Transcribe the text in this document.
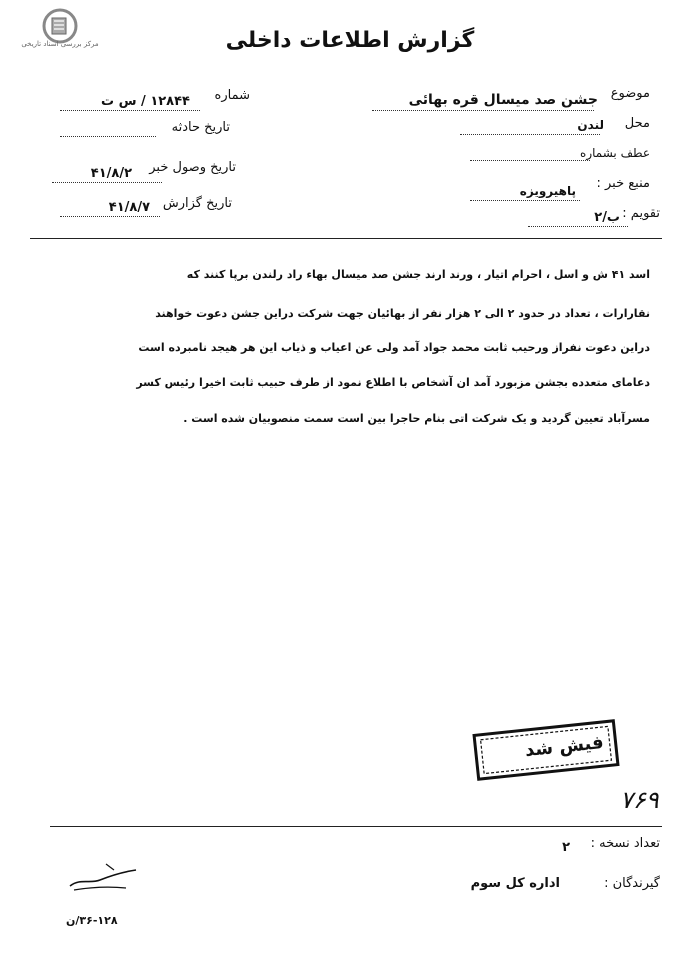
مرکز بررسی اسناد تاریخی	گزارش اطلاعات داخلی
موضوع
جشن صد میسال قره بهائی
محل
لندن
عطف بشماره
منبع خبر :
پاهیرویزه
تقویم :
ب/۲
شماره
۱۲۸۴۴ / س ت
تاریخ حادثه
تاریخ وصول خبر
۴۱/۸/۲
تاریخ گزارش
۴۱/۸/۷
اسد ۴۱ ش و اسل ، احرام اتیار ، ورند ارند جشن صد میسال بهاء راد رلندن برپا کنند که
نقارارات ، تعداد در حدود ۲ الی ۲ هزار نفر از بهائیان جهت شرکت دراین جشن دعوت خواهند
دراین دعوت نفراز ورحیب ثابت محمد جواد آمد ولی عن اعیاب و ذیاب این هر هیجد نامبرده است
دعامای متعدده بجشن مزبورد آمد ان آشخاص با اطلاع نمود از طرف حبیب ثابت اخیرا رئیس کسر
مسرآباد تعیین گردید و یک شرکت اتی بنام حاجرا بین است سمت منصوبیان شده است .
فیش شد
۷۶۹
تعداد نسخه :
۲
گیرندگان :
اداره کل سوم
۳۶-۱۲۸/ن
